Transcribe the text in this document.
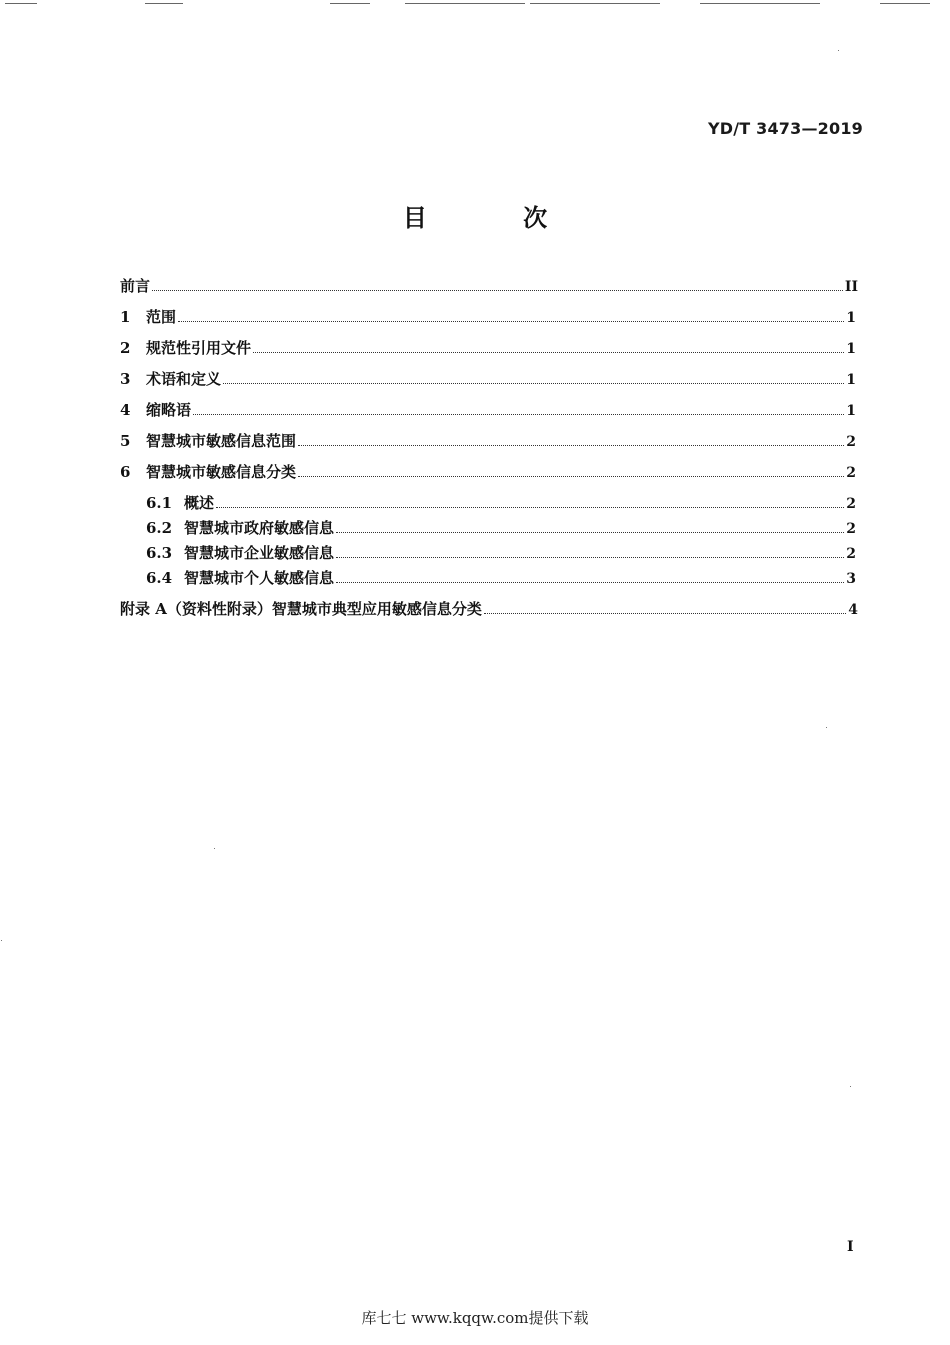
YD/T 3473—2019
目 次
前言	II
1	范围	1
2	规范性引用文件	1
3	术语和定义	1
4	缩略语	1
5	智慧城市敏感信息范围	2
6	智慧城市敏感信息分类	2
6.1 概述	2
6.2 智慧城市政府敏感信息	2
6.3 智慧城市企业敏感信息	2
6.4 智慧城市个人敏感信息	3
附录 A（资料性附录）智慧城市典型应用敏感信息分类	4
I
库七七 www.kqqw.com提供下载
